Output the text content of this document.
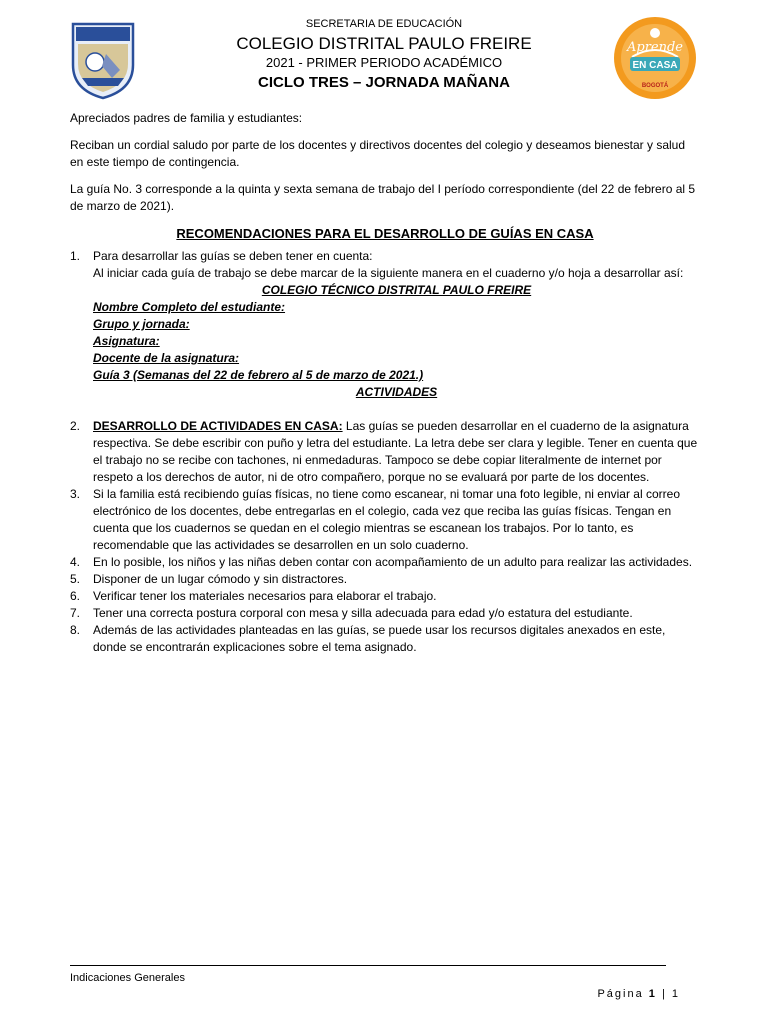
SECRETARIA DE EDUCACIÓN
COLEGIO DISTRITAL PAULO FREIRE
2021 - PRIMER PERIODO ACADÉMICO
CICLO TRES – JORNADA MAÑANA
Aprende
EN CASA
BOGOTÁ

Apreciados padres de familia y estudiantes:

Reciban un cordial saludo por parte de los docentes y directivos docentes del colegio y deseamos bienestar y salud en este tiempo de contingencia.

La guía No. 3 corresponde a la quinta y sexta semana de trabajo del I período correspondiente (del 22 de febrero al 5 de marzo de 2021).

RECOMENDACIONES PARA EL DESARROLLO DE GUÍAS EN CASA

1. Para desarrollar las guías se deben tener en cuenta:

Al iniciar cada guía de trabajo se debe marcar de la siguiente manera en el cuaderno y/o hoja a desarrollar así:

COLEGIO TÉCNICO DISTRITAL PAULO FREIRE

Nombre Completo del estudiante:

Grupo y jornada:

Asignatura:

Docente de la asignatura:

Guía 3 (Semanas del 22 de febrero al 5 de marzo de 2021.)

ACTIVIDADES

2. DESARROLLO DE ACTIVIDADES EN CASA: Las guías se pueden desarrollar en el cuaderno de la asignatura respectiva. Se debe escribir con puño y letra del estudiante. La letra debe ser clara y legible. Tener en cuenta que el trabajo no se recibe con tachones, ni enmedaduras. Tampoco se debe copiar literalmente de internet por respeto a los derechos de autor, ni de otro compañero, porque no se evaluará por parte de los docentes.

3. Si la familia está recibiendo guías físicas, no tiene como escanear, ni tomar una foto legible, ni enviar al correo electrónico de los docentes, debe entregarlas en el colegio, cada vez que reciba las guías físicas. Tengan en cuenta que los cuadernos se quedan en el colegio mientras se escanean los trabajos. Por lo tanto, es recomendable que las actividades se desarrollen en un solo cuaderno.

4. En lo posible, los niños y las niñas deben contar con acompañamiento de un adulto para realizar las actividades.

5. Disponer de un lugar cómodo y sin distractores.

6. Verificar tener los materiales necesarios para elaborar el trabajo.

7. Tener una correcta postura corporal con mesa y silla adecuada para edad y/o estatura del estudiante.

8. Además de las actividades planteadas en las guías, se puede usar los recursos digitales anexados en este, donde se encontrarán explicaciones sobre el tema asignado.

Indicaciones Generales
Página 1 | 1
